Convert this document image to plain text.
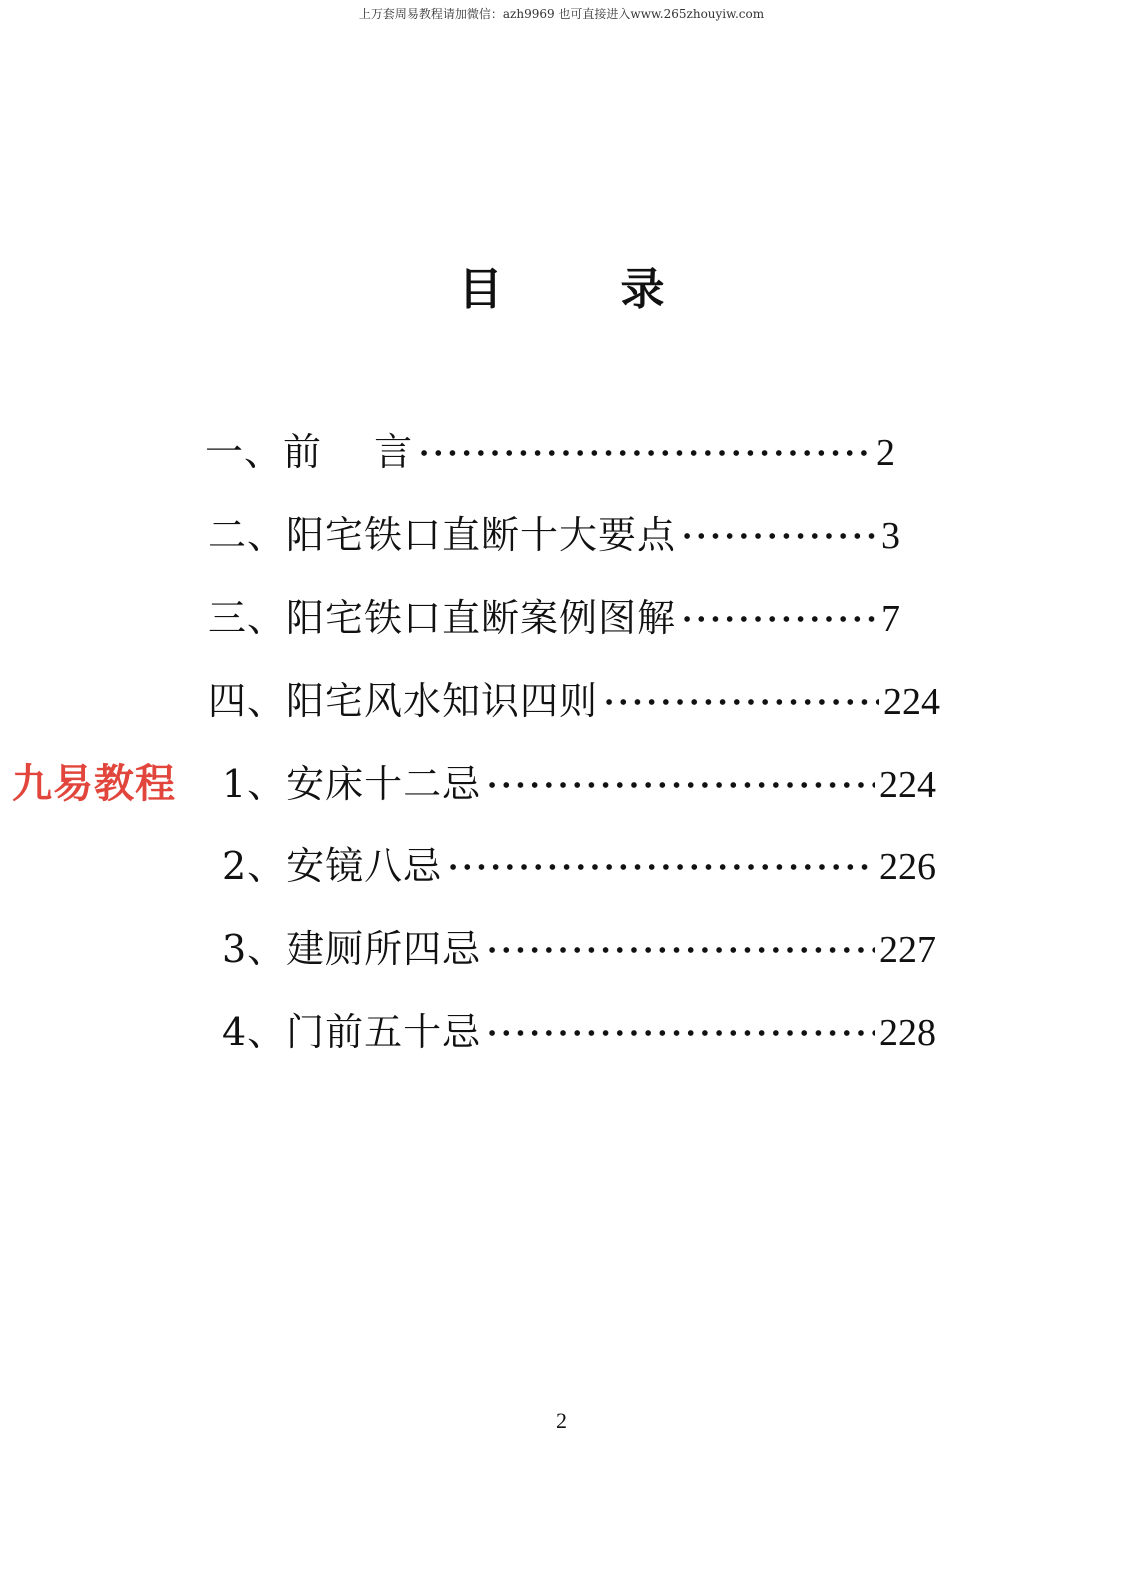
上万套周易教程请加微信：azh9969 也可直接进入www.265zhouyiw.com
目	录
一、前　 言	2
二、阳宅铁口直断十大要点	3
三、阳宅铁口直断案例图解	7
四、阳宅风水知识四则	224
1、安床十二忌	224
2、安镜八忌	226
3、建厕所四忌	227
4、门前五十忌	228
九易教程
2
